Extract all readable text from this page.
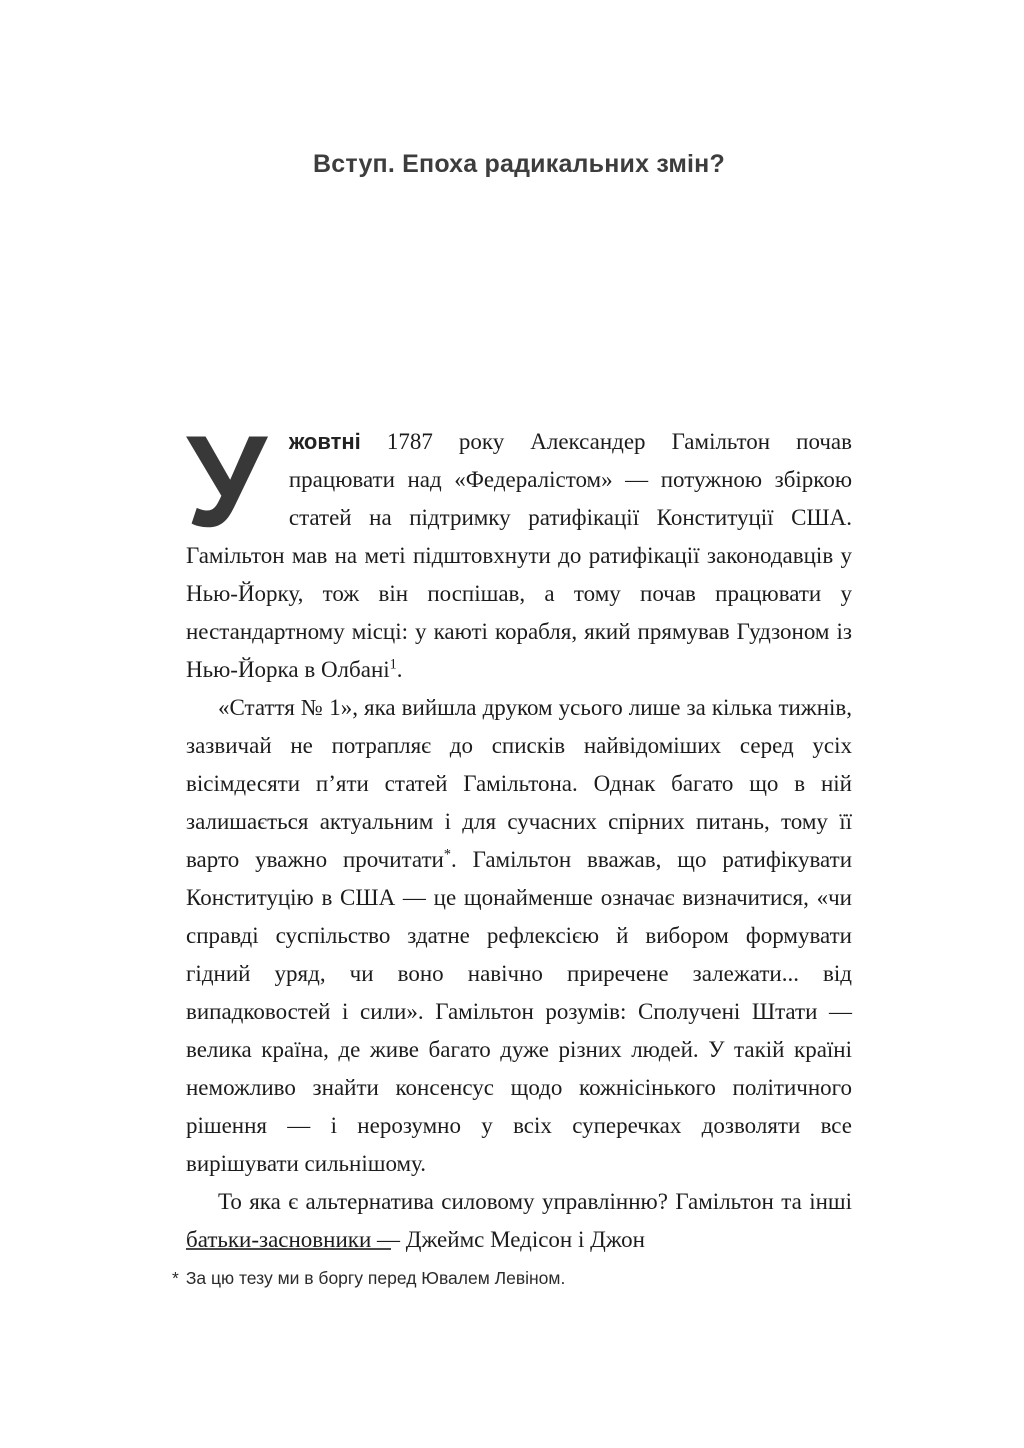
Вступ. Епоха радикальних змін?

У жовтні 1787 року Александер Гамільтон почав працювати над «Федералістом» — потужною збіркою статей на підтримку ратифікації Конституції США. Гамільтон мав на меті підштовхнути до ратифікації законодавців у Нью-Йорку, тож він поспішав, а тому почав працювати у нестандартному місці: у каюті корабля, який прямував Гудзоном із Нью-Йорка в Олбані$^1$.

«Стаття № 1», яка вийшла друком усього лише за кілька тижнів, зазвичай не потрапляє до списків найвідоміших серед усіх вісімдесяти п’яти статей Гамільтона. Однак багато що в ній залишається актуальним і для сучасних спірних питань, тому її варто уважно прочитати*. Гамільтон вважав, що ратифікувати Конституцію в США — це щонайменше означає визначитися, «чи справді суспільство здатне рефлексією й вибором формувати гідний уряд, чи воно навічно приречене залежати... від випадковостей і сили». Гамільтон розумів: Сполучені Штати — велика країна, де живе багато дуже різних людей. У такій країні неможливо знайти консенсус щодо кожнісінького політичного рішення — і нерозумно у всіх суперечках дозволяти все вирішувати сильнішому.

То яка є альтернатива силовому управлінню? Гамільтон та інші батьки-засновники — Джеймс Медісон і Джон

* За цю тезу ми в боргу перед Ювалем Левіном.
